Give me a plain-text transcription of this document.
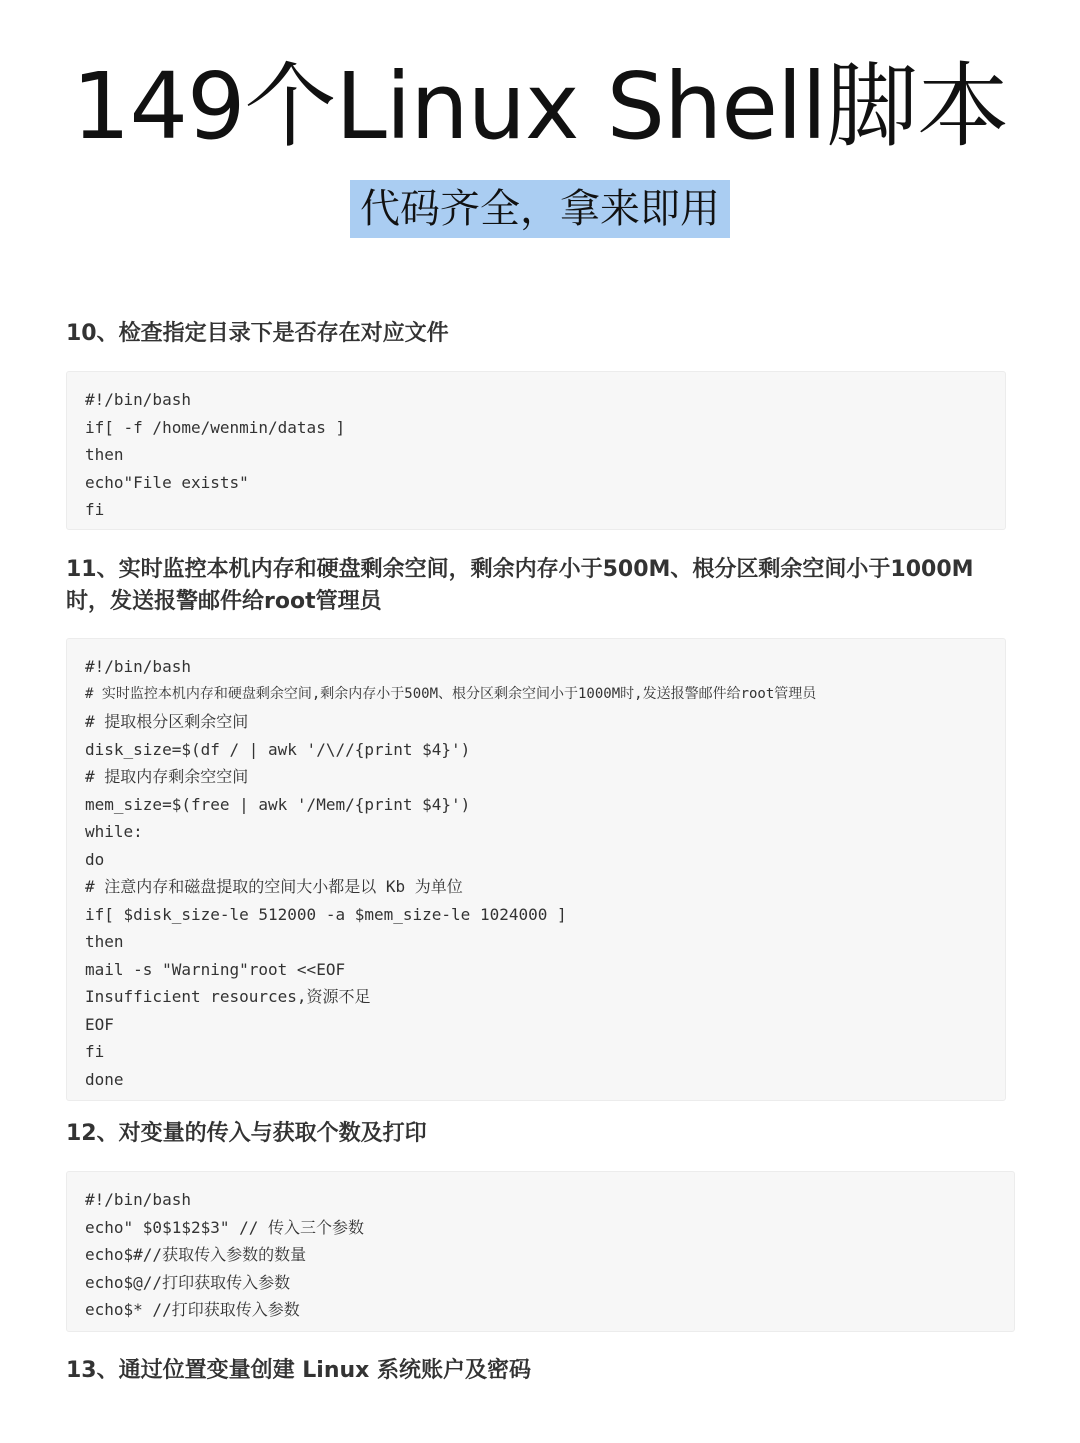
149个Linux Shell脚本
代码齐全，拿来即用
10、检查指定目录下是否存在对应文件
#!/bin/bash
if[ -f /home/wenmin/datas ]
then
echo"File exists"
fi
11、实时监控本机内存和硬盘剩余空间，剩余内存小于500M、根分区剩余空间小于1000M
时，发送报警邮件给root管理员
#!/bin/bash
# 实时监控本机内存和硬盘剩余空间,剩余内存小于500M、根分区剩余空间小于1000M时,发送报警邮件给root管理员
# 提取根分区剩余空间
disk_size=$(df / | awk '/\//{print $4}')
# 提取内存剩余空空间
mem_size=$(free | awk '/Mem/{print $4}')
while:
do
# 注意内存和磁盘提取的空间大小都是以 Kb 为单位
if[ $disk_size-le 512000 -a $mem_size-le 1024000 ]
then
mail -s "Warning"root <<EOF
Insufficient resources,资源不足
EOF
fi
done
12、对变量的传入与获取个数及打印
#!/bin/bash
echo" $0$1$2$3" // 传入三个参数
echo$#//获取传入参数的数量
echo$@//打印获取传入参数
echo$* //打印获取传入参数
13、通过位置变量创建 Linux 系统账户及密码
